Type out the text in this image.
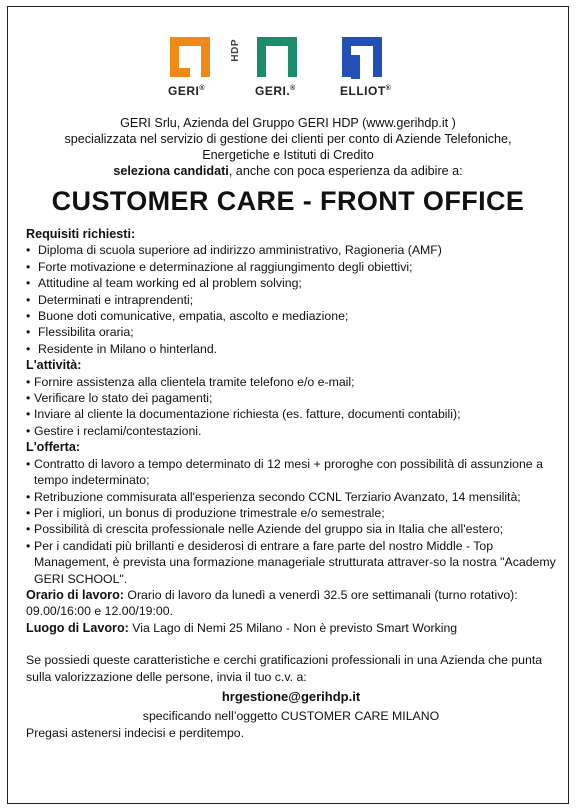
HDP
GERI®	GERI.®	ELLIOT®
GERI Srlu, Azienda del Gruppo GERI HDP (www.gerihdp.it )
specializzata nel servizio di gestione dei clienti per conto di Aziende Telefoniche,
Energetiche e Istituti di Credito
seleziona candidati, anche con poca esperienza da adibire a:
CUSTOMER CARE - FRONT OFFICE
Requisiti richiesti:
• Diploma di scuola superiore ad indirizzo amministrativo, Ragioneria (AMF)
• Forte motivazione e determinazione al raggiungimento degli obiettivi;
• Attitudine al team working ed al problem solving;
• Determinati e intraprendenti;
• Buone doti comunicative, empatia, ascolto e mediazione;
• Flessibilita oraria;
• Residente in Milano o hinterland.
L'attività:
• Fornire assistenza alla clientela tramite telefono e/o e-mail;
• Verificare lo stato dei pagamenti;
• Inviare al cliente la documentazione richiesta (es. fatture, documenti contabili);
• Gestire i reclami/contestazioni.
L'offerta:
• Contratto di lavoro a tempo determinato di 12 mesi + proroghe con possibilità di assunzione a tempo indeterminato;
• Retribuzione commisurata all'esperienza secondo CCNL Terziario Avanzato, 14 mensilità;
• Per i migliori, un bonus di produzione trimestrale e/o semestrale;
• Possibilità di crescita professionale nelle Aziende del gruppo sia in Italia che all'estero;
• Per i candidati più brillanti e desiderosi di entrare a fare parte del nostro Middle - Top Management, è prevista una formazione manageriale strutturata attraver-so la nostra "Academy GERI SCHOOL".
Orario di lavoro: Orario di lavoro da lunedì a venerdì 32.5 ore settimanali (turno rotativo): 09.00/16:00 e 12.00/19:00.
Luogo di Lavoro: Via Lago di Nemi 25 Milano - Non è previsto Smart Working
Se possiedi queste caratteristiche e cerchi gratificazioni professionali in una Azienda che punta sulla valorizzazione delle persone, invia il tuo c.v. a:
hrgestione@gerihdp.it
specificando nell’oggetto CUSTOMER CARE MILANO
Pregasi astenersi indecisi e perditempo.
